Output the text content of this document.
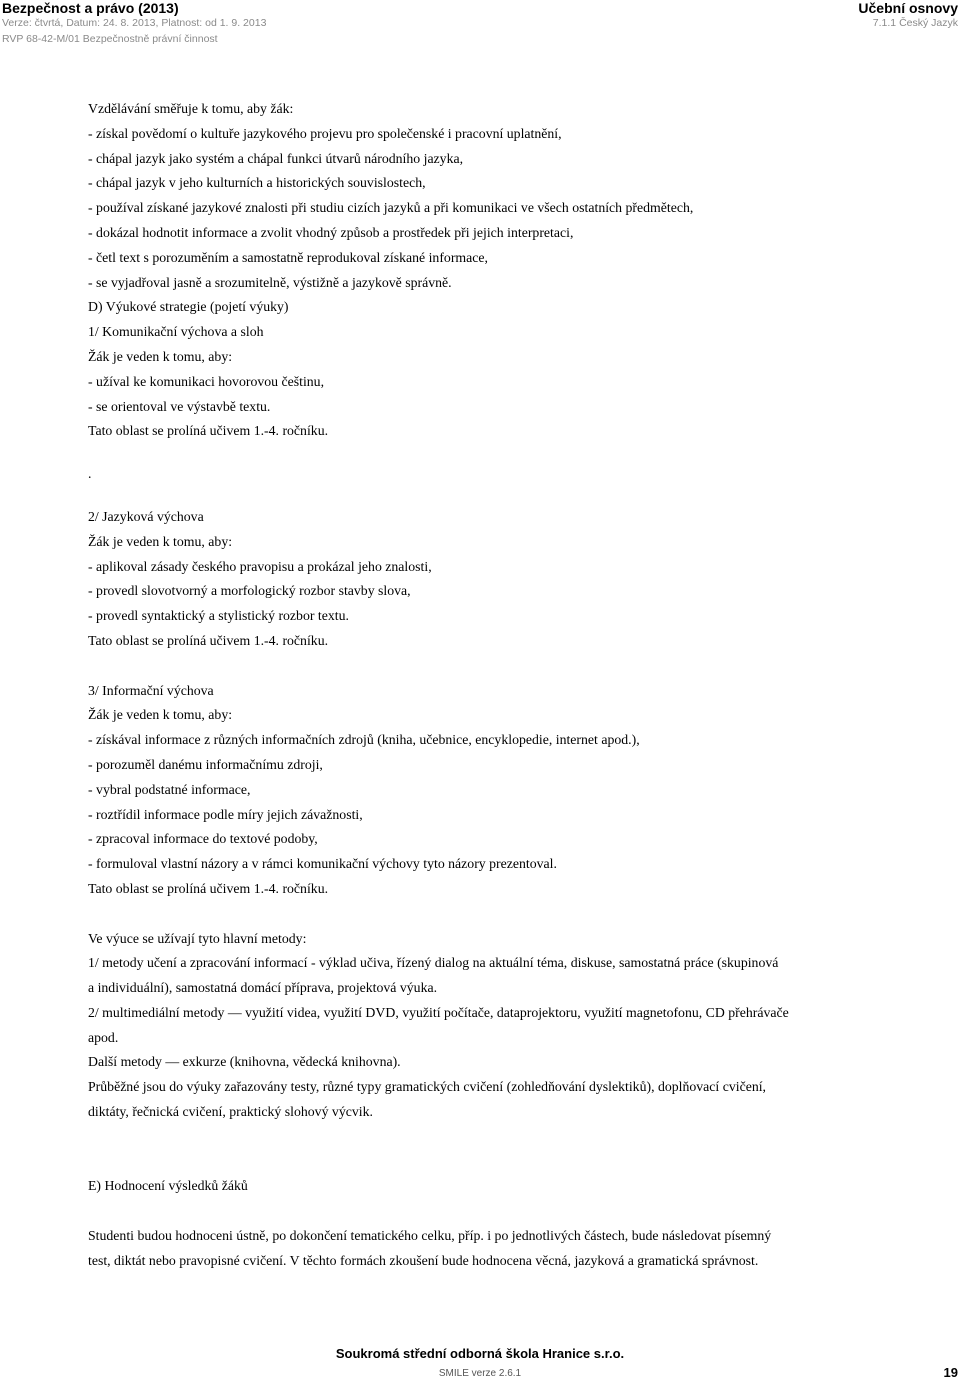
Bezpečnost a právo (2013)
Verze: čtvrtá, Datum: 24. 8. 2013, Platnost: od 1. 9. 2013
RVP 68-42-M/01 Bezpečnostně právní činnost
Učební osnovy
7.1.1 Český Jazyk
Vzdělávání směřuje k tomu, aby žák:
- získal povědomí o kultuře jazykového projevu pro společenské i pracovní uplatnění,
- chápal jazyk jako systém a chápal funkci útvarů národního jazyka,
- chápal jazyk v jeho kulturních a historických souvislostech,
- používal získané jazykové znalosti při studiu cizích jazyků a při komunikaci ve všech ostatních předmětech,
- dokázal hodnotit informace a zvolit vhodný způsob a prostředek při jejich interpretaci,
- četl text s porozuměním a samostatně reprodukoval získané informace,
- se vyjadřoval jasně a srozumitelně, výstižně a jazykově správně.
D) Výukové strategie (pojetí výuky)
1/ Komunikační výchova a sloh
Žák je veden k tomu, aby:
- užíval ke komunikaci hovorovou češtinu,
- se orientoval ve výstavbě textu.
Tato oblast se prolíná učivem 1.-4. ročníku.
.
2/ Jazyková výchova
Žák je veden k tomu, aby:
- aplikoval zásady českého pravopisu a prokázal jeho znalosti,
- provedl slovotvorný a morfologický rozbor stavby slova,
- provedl syntaktický a stylistický rozbor textu.
Tato oblast se prolíná učivem 1.-4. ročníku.
3/ Informační výchova
Žák je veden k tomu, aby:
- získával informace z různých informačních zdrojů (kniha, učebnice, encyklopedie, internet apod.),
- porozuměl danému informačnímu zdroji,
- vybral podstatné informace,
- roztřídil informace podle míry jejich závažnosti,
- zpracoval informace do textové podoby,
- formuloval vlastní názory a v rámci komunikační výchovy tyto názory prezentoval.
Tato oblast se prolíná učivem 1.-4. ročníku.
Ve výuce se užívají tyto hlavní metody:
1/ metody učení a zpracování informací - výklad učiva, řízený dialog na aktuální téma, diskuse, samostatná práce (skupinová
a individuální), samostatná domácí příprava, projektová výuka.
2/ multimediální metody — využití videa, využití DVD, využití počítače, dataprojektoru, využití magnetofonu, CD přehrávače
apod.
Další metody — exkurze (knihovna, vědecká knihovna).
Průběžné jsou do výuky zařazovány testy, různé typy gramatických cvičení (zohledňování dyslektiků), doplňovací cvičení,
diktáty, řečnická cvičení, praktický slohový výcvik.
E) Hodnocení výsledků žáků
Studenti budou hodnoceni ústně, po dokončení tematického celku, příp. i po jednotlivých částech, bude následovat písemný
test, diktát nebo pravopisné cvičení. V těchto formách zkoušení bude hodnocena věcná, jazyková a gramatická správnost.
Soukromá střední odborná škola Hranice s.r.o.
SMILE verze 2.6.1	19
